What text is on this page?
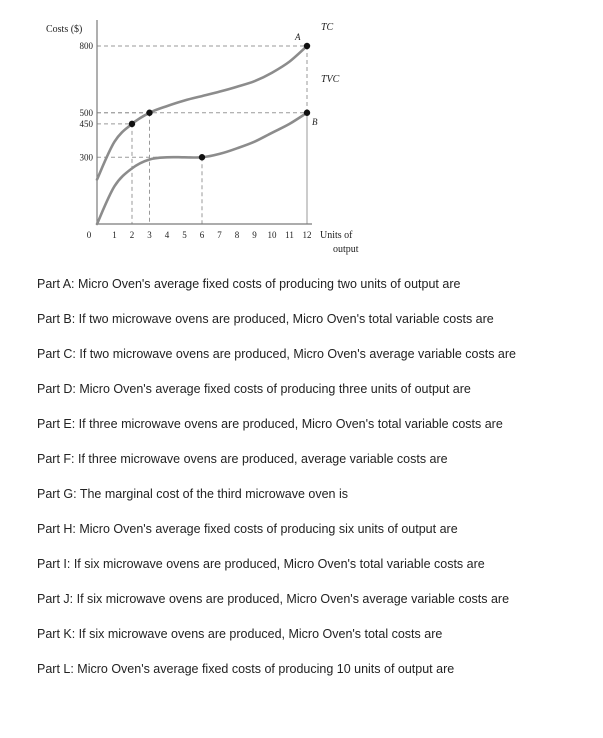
Costs ($)
800
500
450
300
0 1 2 3 4 5 6 7 8 9 10 11 12 Units of
output
TC
TVC
A
B
Part A: Micro Oven's average fixed costs of producing two units of output are
Part B: If two microwave ovens are produced, Micro Oven's total variable costs are
Part C: If two microwave ovens are produced, Micro Oven's average variable costs are
Part D: Micro Oven's average fixed costs of producing three units of output are
Part E: If three microwave ovens are produced, Micro Oven's total variable costs are
Part F: If three microwave ovens are produced, average variable costs are
Part G: The marginal cost of the third microwave oven is
Part H: Micro Oven's average fixed costs of producing six units of output are
Part I: If six microwave ovens are produced, Micro Oven's total variable costs are
Part J: If six microwave ovens are produced, Micro Oven's average variable costs are
Part K: If six microwave ovens are produced, Micro Oven's total costs are
Part L: Micro Oven's average fixed costs of producing 10 units of output are
